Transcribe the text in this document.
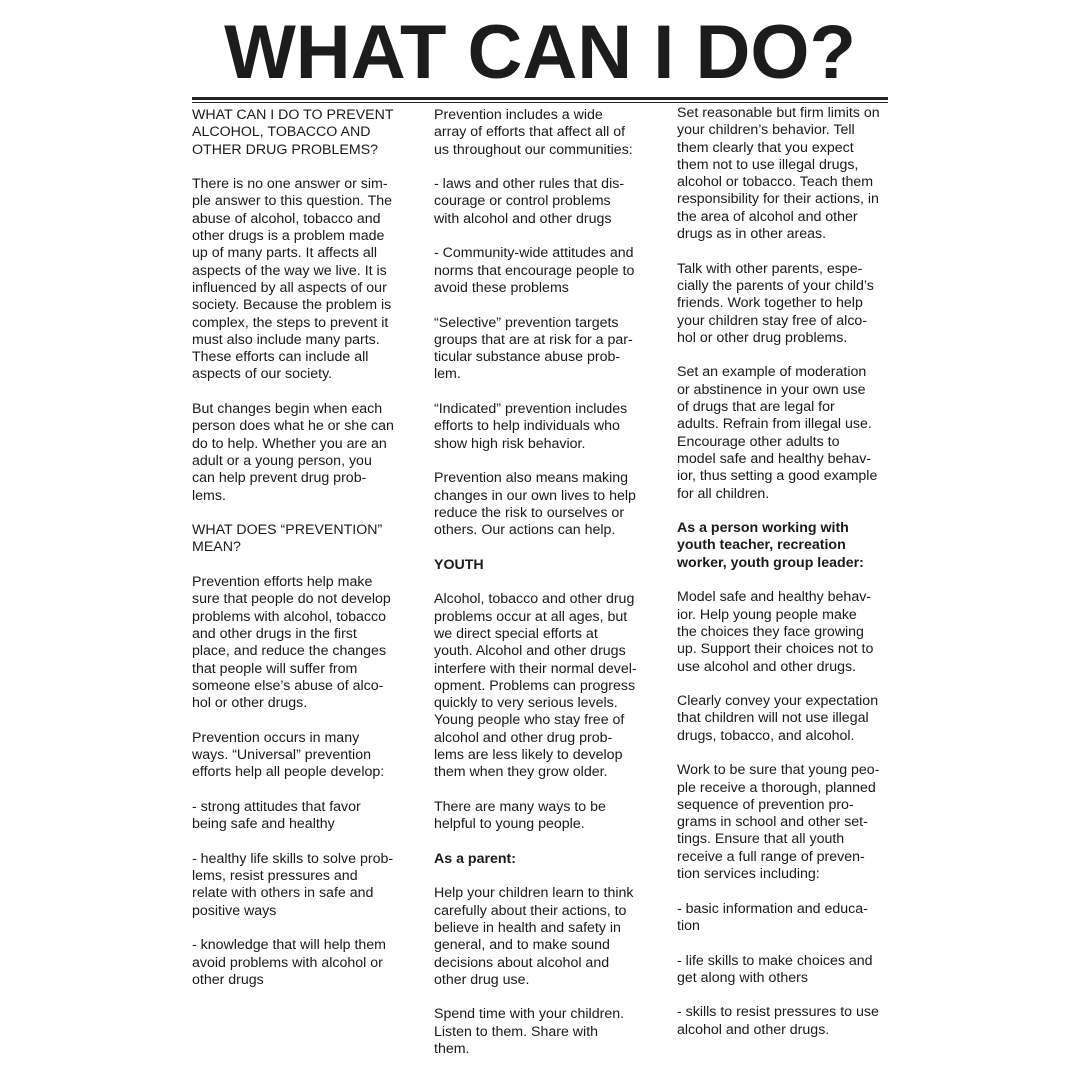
WHAT CAN I DO?

WHAT CAN I DO TO PREVENT
ALCOHOL, TOBACCO AND
OTHER DRUG PROBLEMS?

There is no one answer or sim-
ple answer to this question. The
abuse of alcohol, tobacco and
other drugs is a problem made
up of many parts. It affects all
aspects of the way we live. It is
influenced by all aspects of our
society. Because the problem is
complex, the steps to prevent it
must also include many parts.
These efforts can include all
aspects of our society.

But changes begin when each
person does what he or she can
do to help. Whether you are an
adult or a young person, you
can help prevent drug prob-
lems.

WHAT DOES “PREVENTION”
MEAN?

Prevention efforts help make
sure that people do not develop
problems with alcohol, tobacco
and other drugs in the first
place, and reduce the changes
that people will suffer from
someone else’s abuse of alco-
hol or other drugs.

Prevention occurs in many
ways. “Universal” prevention
efforts help all people develop:

- strong attitudes that favor
being safe and healthy

- healthy life skills to solve prob-
lems, resist pressures and
relate with others in safe and
positive ways

- knowledge that will help them
avoid problems with alcohol or
other drugs

Prevention includes a wide
array of efforts that affect all of
us throughout our communities:

- laws and other rules that dis-
courage or control problems
with alcohol and other drugs

- Community-wide attitudes and
norms that encourage people to
avoid these problems

“Selective” prevention targets
groups that are at risk for a par-
ticular substance abuse prob-
lem.

“Indicated” prevention includes
efforts to help individuals who
show high risk behavior.

Prevention also means making
changes in our own lives to help
reduce the risk to ourselves or
others. Our actions can help.

YOUTH

Alcohol, tobacco and other drug
problems occur at all ages, but
we direct special efforts at
youth. Alcohol and other drugs
interfere with their normal devel-
opment. Problems can progress
quickly to very serious levels.
Young people who stay free of
alcohol and other drug prob-
lems are less likely to develop
them when they grow older.

There are many ways to be
helpful to young people.

As a parent:

Help your children learn to think
carefully about their actions, to
believe in health and safety in
general, and to make sound
decisions about alcohol and
other drug use.

Spend time with your children.
Listen to them. Share with
them.

Set reasonable but firm limits on
your children’s behavior. Tell
them clearly that you expect
them not to use illegal drugs,
alcohol or tobacco. Teach them
responsibility for their actions, in
the area of alcohol and other
drugs as in other areas.

Talk with other parents, espe-
cially the parents of your child’s
friends. Work together to help
your children stay free of alco-
hol or other drug problems.

Set an example of moderation
or abstinence in your own use
of drugs that are legal for
adults. Refrain from illegal use.
Encourage other adults to
model safe and healthy behav-
ior, thus setting a good example
for all children.

As a person working with
youth teacher, recreation
worker, youth group leader:

Model safe and healthy behav-
ior. Help young people make
the choices they face growing
up. Support their choices not to
use alcohol and other drugs.

Clearly convey your expectation
that children will not use illegal
drugs, tobacco, and alcohol.

Work to be sure that young peo-
ple receive a thorough, planned
sequence of prevention pro-
grams in school and other set-
tings. Ensure that all youth
receive a full range of preven-
tion services including:

- basic information and educa-
tion

- life skills to make choices and
get along with others

- skills to resist pressures to use
alcohol and other drugs.
